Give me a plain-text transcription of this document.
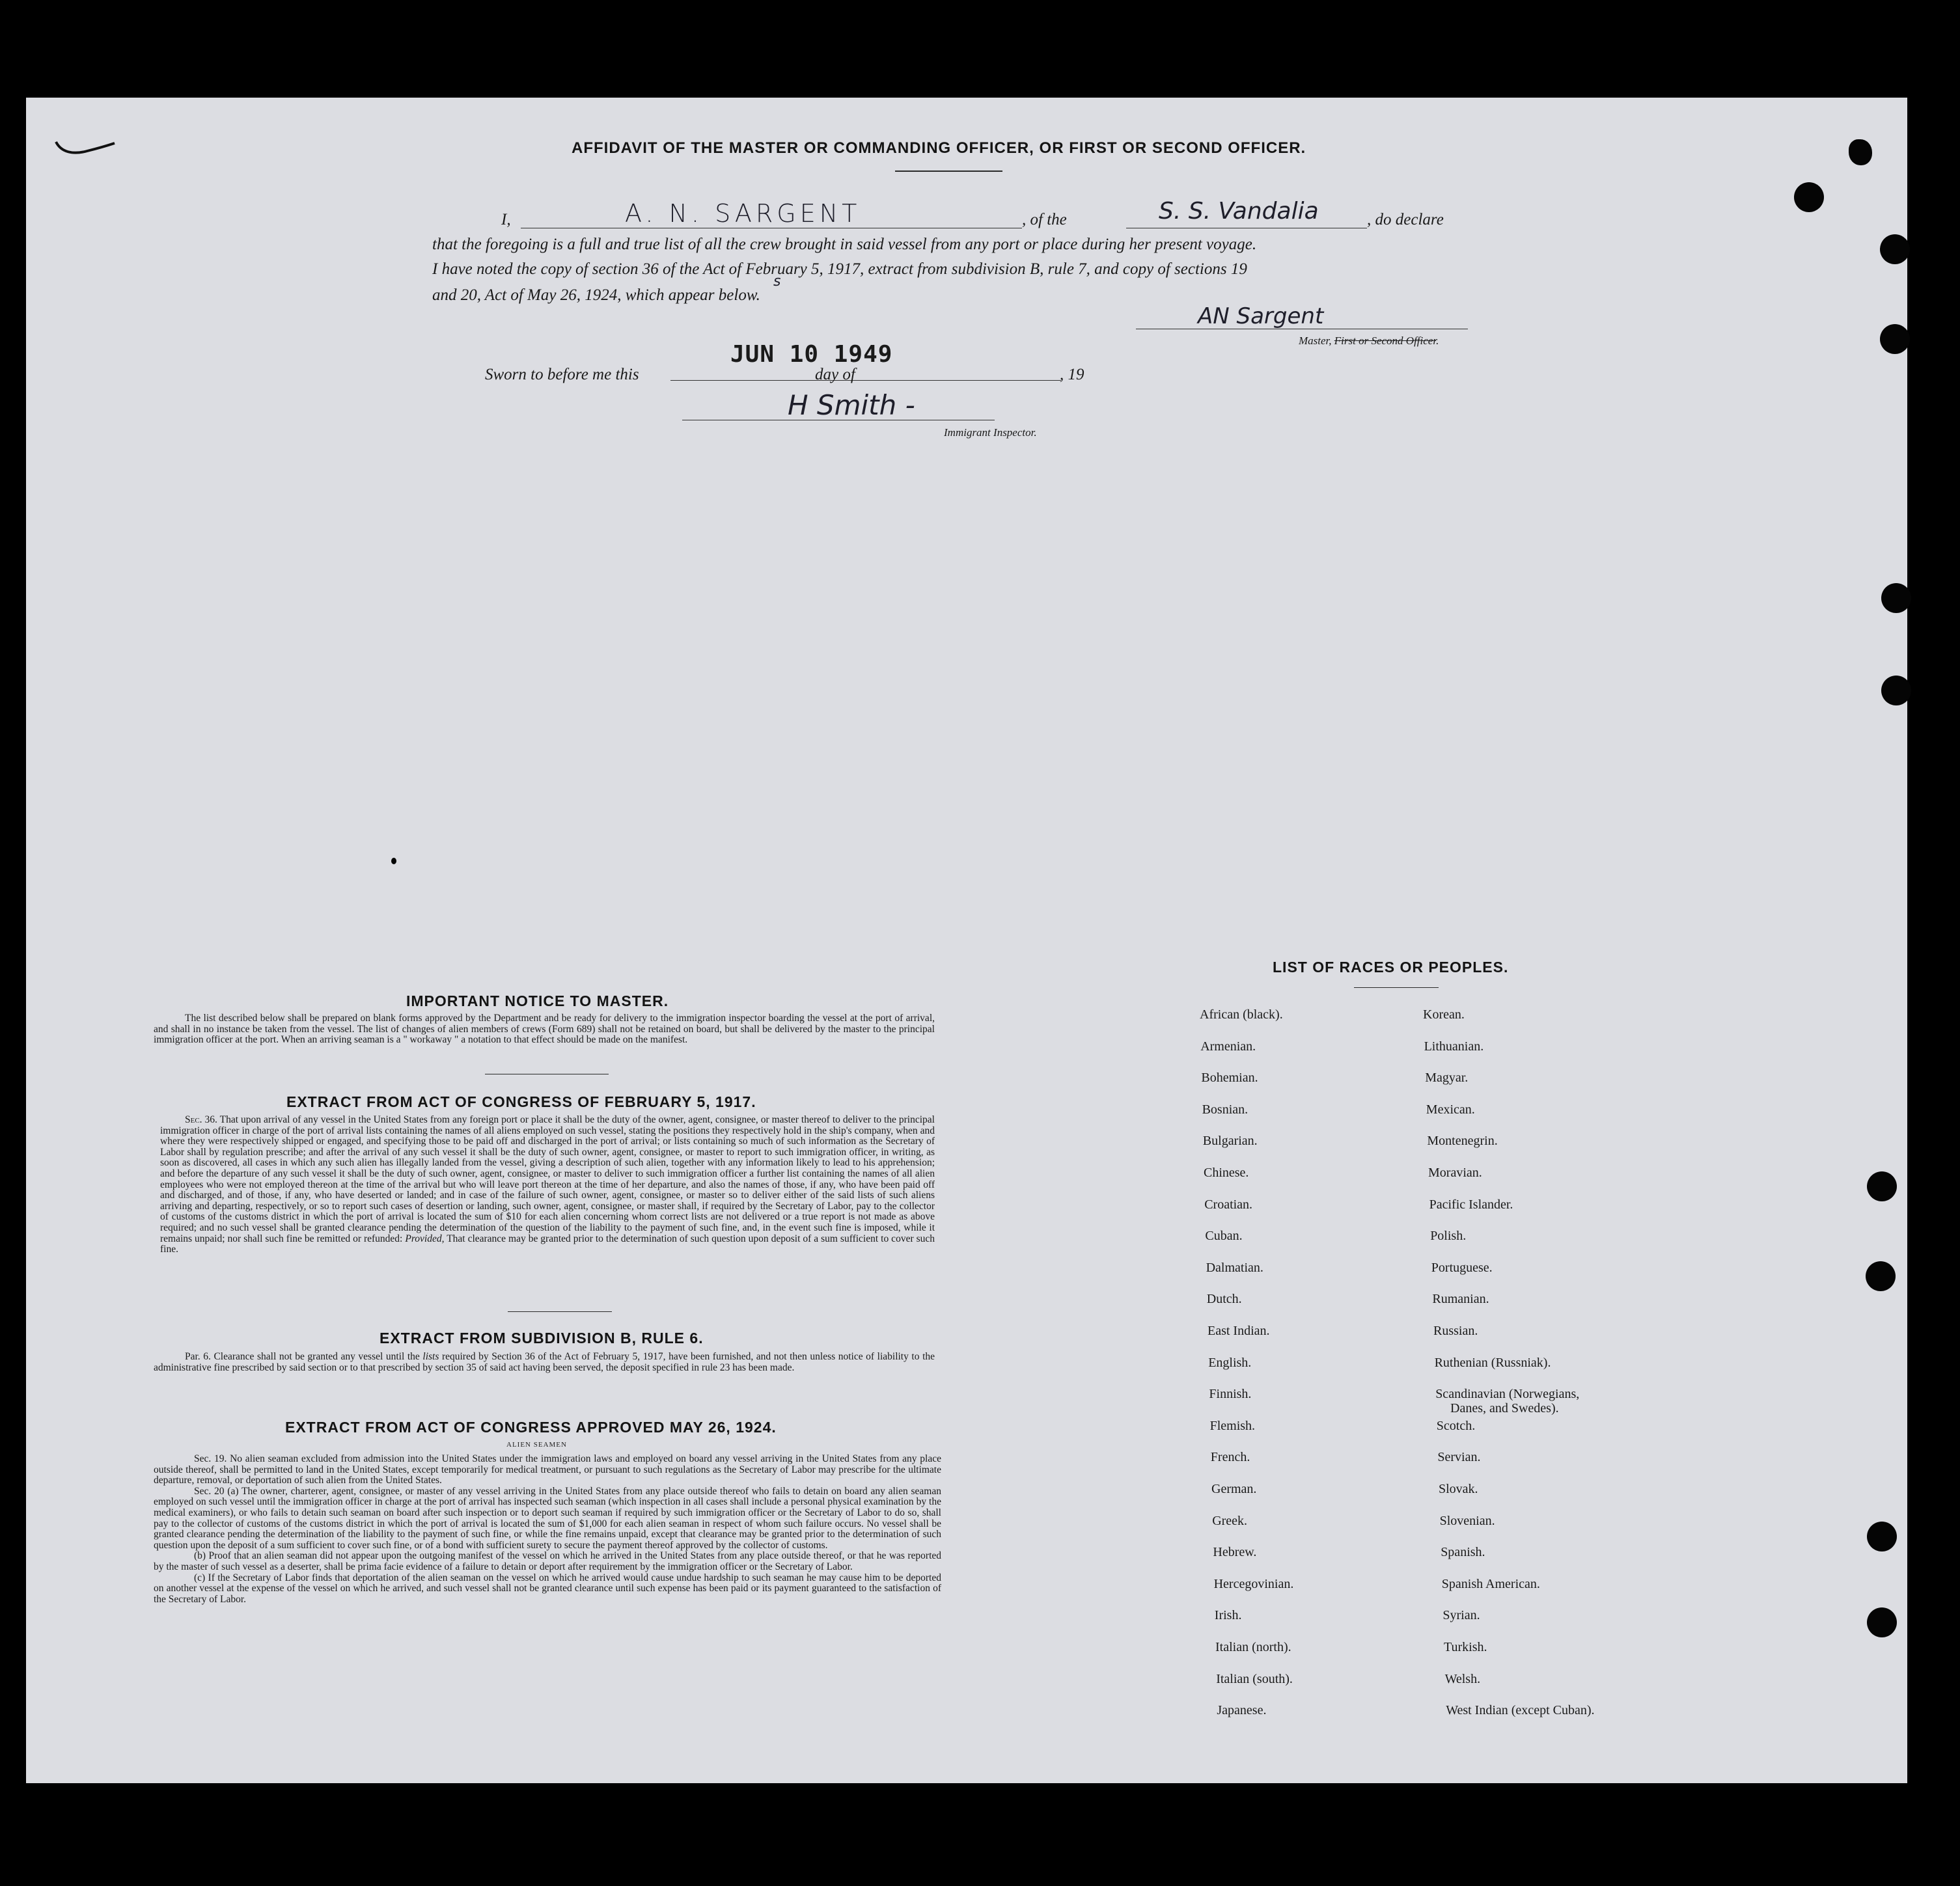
AFFIDAVIT OF THE MASTER OR COMMANDING OFFICER, OR FIRST OR SECOND OFFICER.
I,	A. N. SARGENT	, of the	S. S. Vandalia	, do declare
that the foregoing is a full and true list of all the crew brought in said vessel from any port or place during her present voyage.
I have noted the copy of section 36 of the Act of February 5, 1917, extract from subdivision B, rule 7, and copy of sections 19
and 20, Act of May 26, 1924, which appear below.
s
AN Sargent
Master, First or Second Officer.
Sworn to before me this
JUN 10 1949
day of	, 19
H Smith -
Immigrant Inspector.
IMPORTANT NOTICE TO MASTER.
The list described below shall be prepared on blank forms approved by the Department and be ready for delivery to the immigration inspector boarding the vessel at the port of arrival, and shall in no instance be taken from the vessel. The list of changes of alien members of crews (Form 689) shall not be retained on board, but shall be delivered by the master to the principal immigration officer at the port. When an arriving seaman is a " workaway " a notation to that effect should be made on the manifest.
EXTRACT FROM ACT OF CONGRESS OF FEBRUARY 5, 1917.
Sec. 36. That upon arrival of any vessel in the United States from any foreign port or place it shall be the duty of the owner, agent, consignee, or master thereof to deliver to the principal immigration officer in charge of the port of arrival lists containing the names of all aliens employed on such vessel, stating the positions they respectively hold in the ship's company, when and where they were respectively shipped or engaged, and specifying those to be paid off and discharged in the port of arrival; or lists containing so much of such information as the Secretary of Labor shall by regulation prescribe; and after the arrival of any such vessel it shall be the duty of such owner, agent, consignee, or master to report to such immigration officer, in writing, as soon as discovered, all cases in which any such alien has illegally landed from the vessel, giving a description of such alien, together with any information likely to lead to his apprehension; and before the departure of any such vessel it shall be the duty of such owner, agent, consignee, or master to deliver to such immigration officer a further list containing the names of all alien employees who were not employed thereon at the time of the arrival but who will leave port thereon at the time of her departure, and also the names of those, if any, who have been paid off and discharged, and of those, if any, who have deserted or landed; and in case of the failure of such owner, agent, consignee, or master so to deliver either of the said lists of such aliens arriving and departing, respectively, or so to report such cases of desertion or landing, such owner, agent, consignee, or master shall, if required by the Secretary of Labor, pay to the collector of customs of the customs district in which the port of arrival is located the sum of $10 for each alien concerning whom correct lists are not delivered or a true report is not made as above required; and no such vessel shall be granted clearance pending the determination of the question of the liability to the payment of such fine, and, in the event such fine is imposed, while it remains unpaid; nor shall such fine be remitted or refunded: Provided, That clearance may be granted prior to the determination of such question upon deposit of a sum sufficient to cover such fine.
EXTRACT FROM SUBDIVISION B, RULE 6.
Par. 6. Clearance shall not be granted any vessel until the lists required by Section 36 of the Act of February 5, 1917, have been furnished, and not then unless notice of liability to the administrative fine prescribed by said section or to that prescribed by section 35 of said act having been served, the deposit specified in rule 23 has been made.
EXTRACT FROM ACT OF CONGRESS APPROVED MAY 26, 1924.
ALIEN SEAMEN

Sec. 19. No alien seaman excluded from admission into the United States under the immigration laws and employed on board any vessel arriving in the United States from any place outside thereof, shall be permitted to land in the United States, except temporarily for medical treatment, or pursuant to such regulations as the Secretary of Labor may prescribe for the ultimate departure, removal, or deportation of such alien from the United States.

Sec. 20 (a) The owner, charterer, agent, consignee, or master of any vessel arriving in the United States from any place outside thereof who fails to detain on board any alien seaman employed on such vessel until the immigration officer in charge at the port of arrival has inspected such seaman (which inspection in all cases shall include a personal physical examination by the medical examiners), or who fails to detain such seaman on board after such inspection or to deport such seaman if required by such immigration officer or the Secretary of Labor to do so, shall pay to the collector of customs of the customs district in which the port of arrival is located the sum of $1,000 for each alien seaman in respect of whom such failure occurs. No vessel shall be granted clearance pending the determination of the liability to the payment of such fine, or while the fine remains unpaid, except that clearance may be granted prior to the determination of such question upon the deposit of a sum sufficient to cover such fine, or of a bond with sufficient surety to secure the payment thereof approved by the collector of customs.

(b) Proof that an alien seaman did not appear upon the outgoing manifest of the vessel on which he arrived in the United States from any place outside thereof, or that he was reported by the master of such vessel as a deserter, shall be prima facie evidence of a failure to detain or deport after requirement by the immigration officer or the Secretary of Labor.

(c) If the Secretary of Labor finds that deportation of the alien seaman on the vessel on which he arrived would cause undue hardship to such seaman he may cause him to be deported on another vessel at the expense of the vessel on which he arrived, and such vessel shall not be granted clearance until such expense has been paid or its payment guaranteed to the satisfaction of the Secretary of Labor.

LIST OF RACES OR PEOPLES.
African (black).
Armenian.
Bohemian.
Bosnian.
Bulgarian.
Chinese.
Croatian.
Cuban.
Dalmatian.
Dutch.
East Indian.
English.
Finnish.
Flemish.
French.
German.
Greek.
Hebrew.
Hercegovinian.
Irish.
Italian (north).
Italian (south).
Japanese.
Korean.
Lithuanian.
Magyar.
Mexican.
Montenegrin.
Moravian.
Pacific Islander.
Polish.
Portuguese.
Rumanian.
Russian.
Ruthenian (Russniak).
Scandinavian (Norwegians,
Danes, and Swedes).
Scotch.
Servian.
Slovak.
Slovenian.
Spanish.
Spanish American.
Syrian.
Turkish.
Welsh.
West Indian (except Cuban).
